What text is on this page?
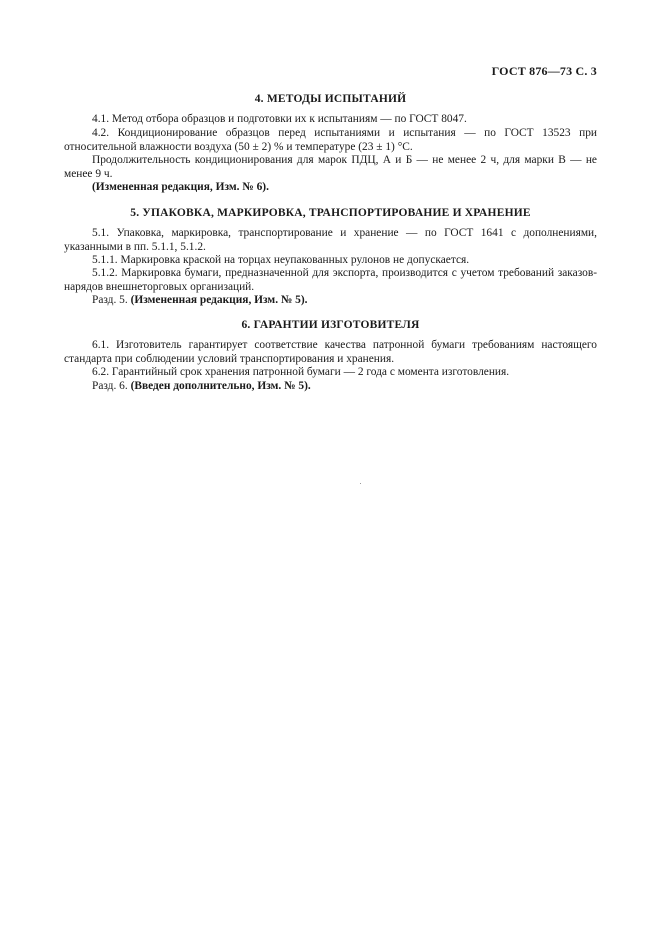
ГОСТ 876—73 С. 3
4. МЕТОДЫ ИСПЫТАНИЙ
4.1. Метод отбора образцов и подготовки их к испытаниям — по ГОСТ 8047.
4.2. Кондиционирование образцов перед испытаниями и испытания — по ГОСТ 13523 при относительной влажности воздуха (50 ± 2) % и температуре (23 ± 1) °С.
Продолжительность кондиционирования для марок ПДЦ, А и Б — не менее 2 ч, для марки В — не менее 9 ч.
(Измененная редакция, Изм. № 6).
5. УПАКОВКА, МАРКИРОВКА, ТРАНСПОРТИРОВАНИЕ И ХРАНЕНИЕ
5.1. Упаковка, маркировка, транспортирование и хранение — по ГОСТ 1641 с дополнениями, указанными в пп. 5.1.1, 5.1.2.
5.1.1. Маркировка краской на торцах неупакованных рулонов не допускается.
5.1.2. Маркировка бумаги, предназначенной для экспорта, производится с учетом требований заказов-нарядов внешнеторговых организаций.
Разд. 5. (Измененная редакция, Изм. № 5).
6. ГАРАНТИИ ИЗГОТОВИТЕЛЯ
6.1. Изготовитель гарантирует соответствие качества патронной бумаги требованиям настоящего стандарта при соблюдении условий транспортирования и хранения.
6.2. Гарантийный срок хранения патронной бумаги — 2 года с момента изготовления.
Разд. 6. (Введен дополнительно, Изм. № 5).
